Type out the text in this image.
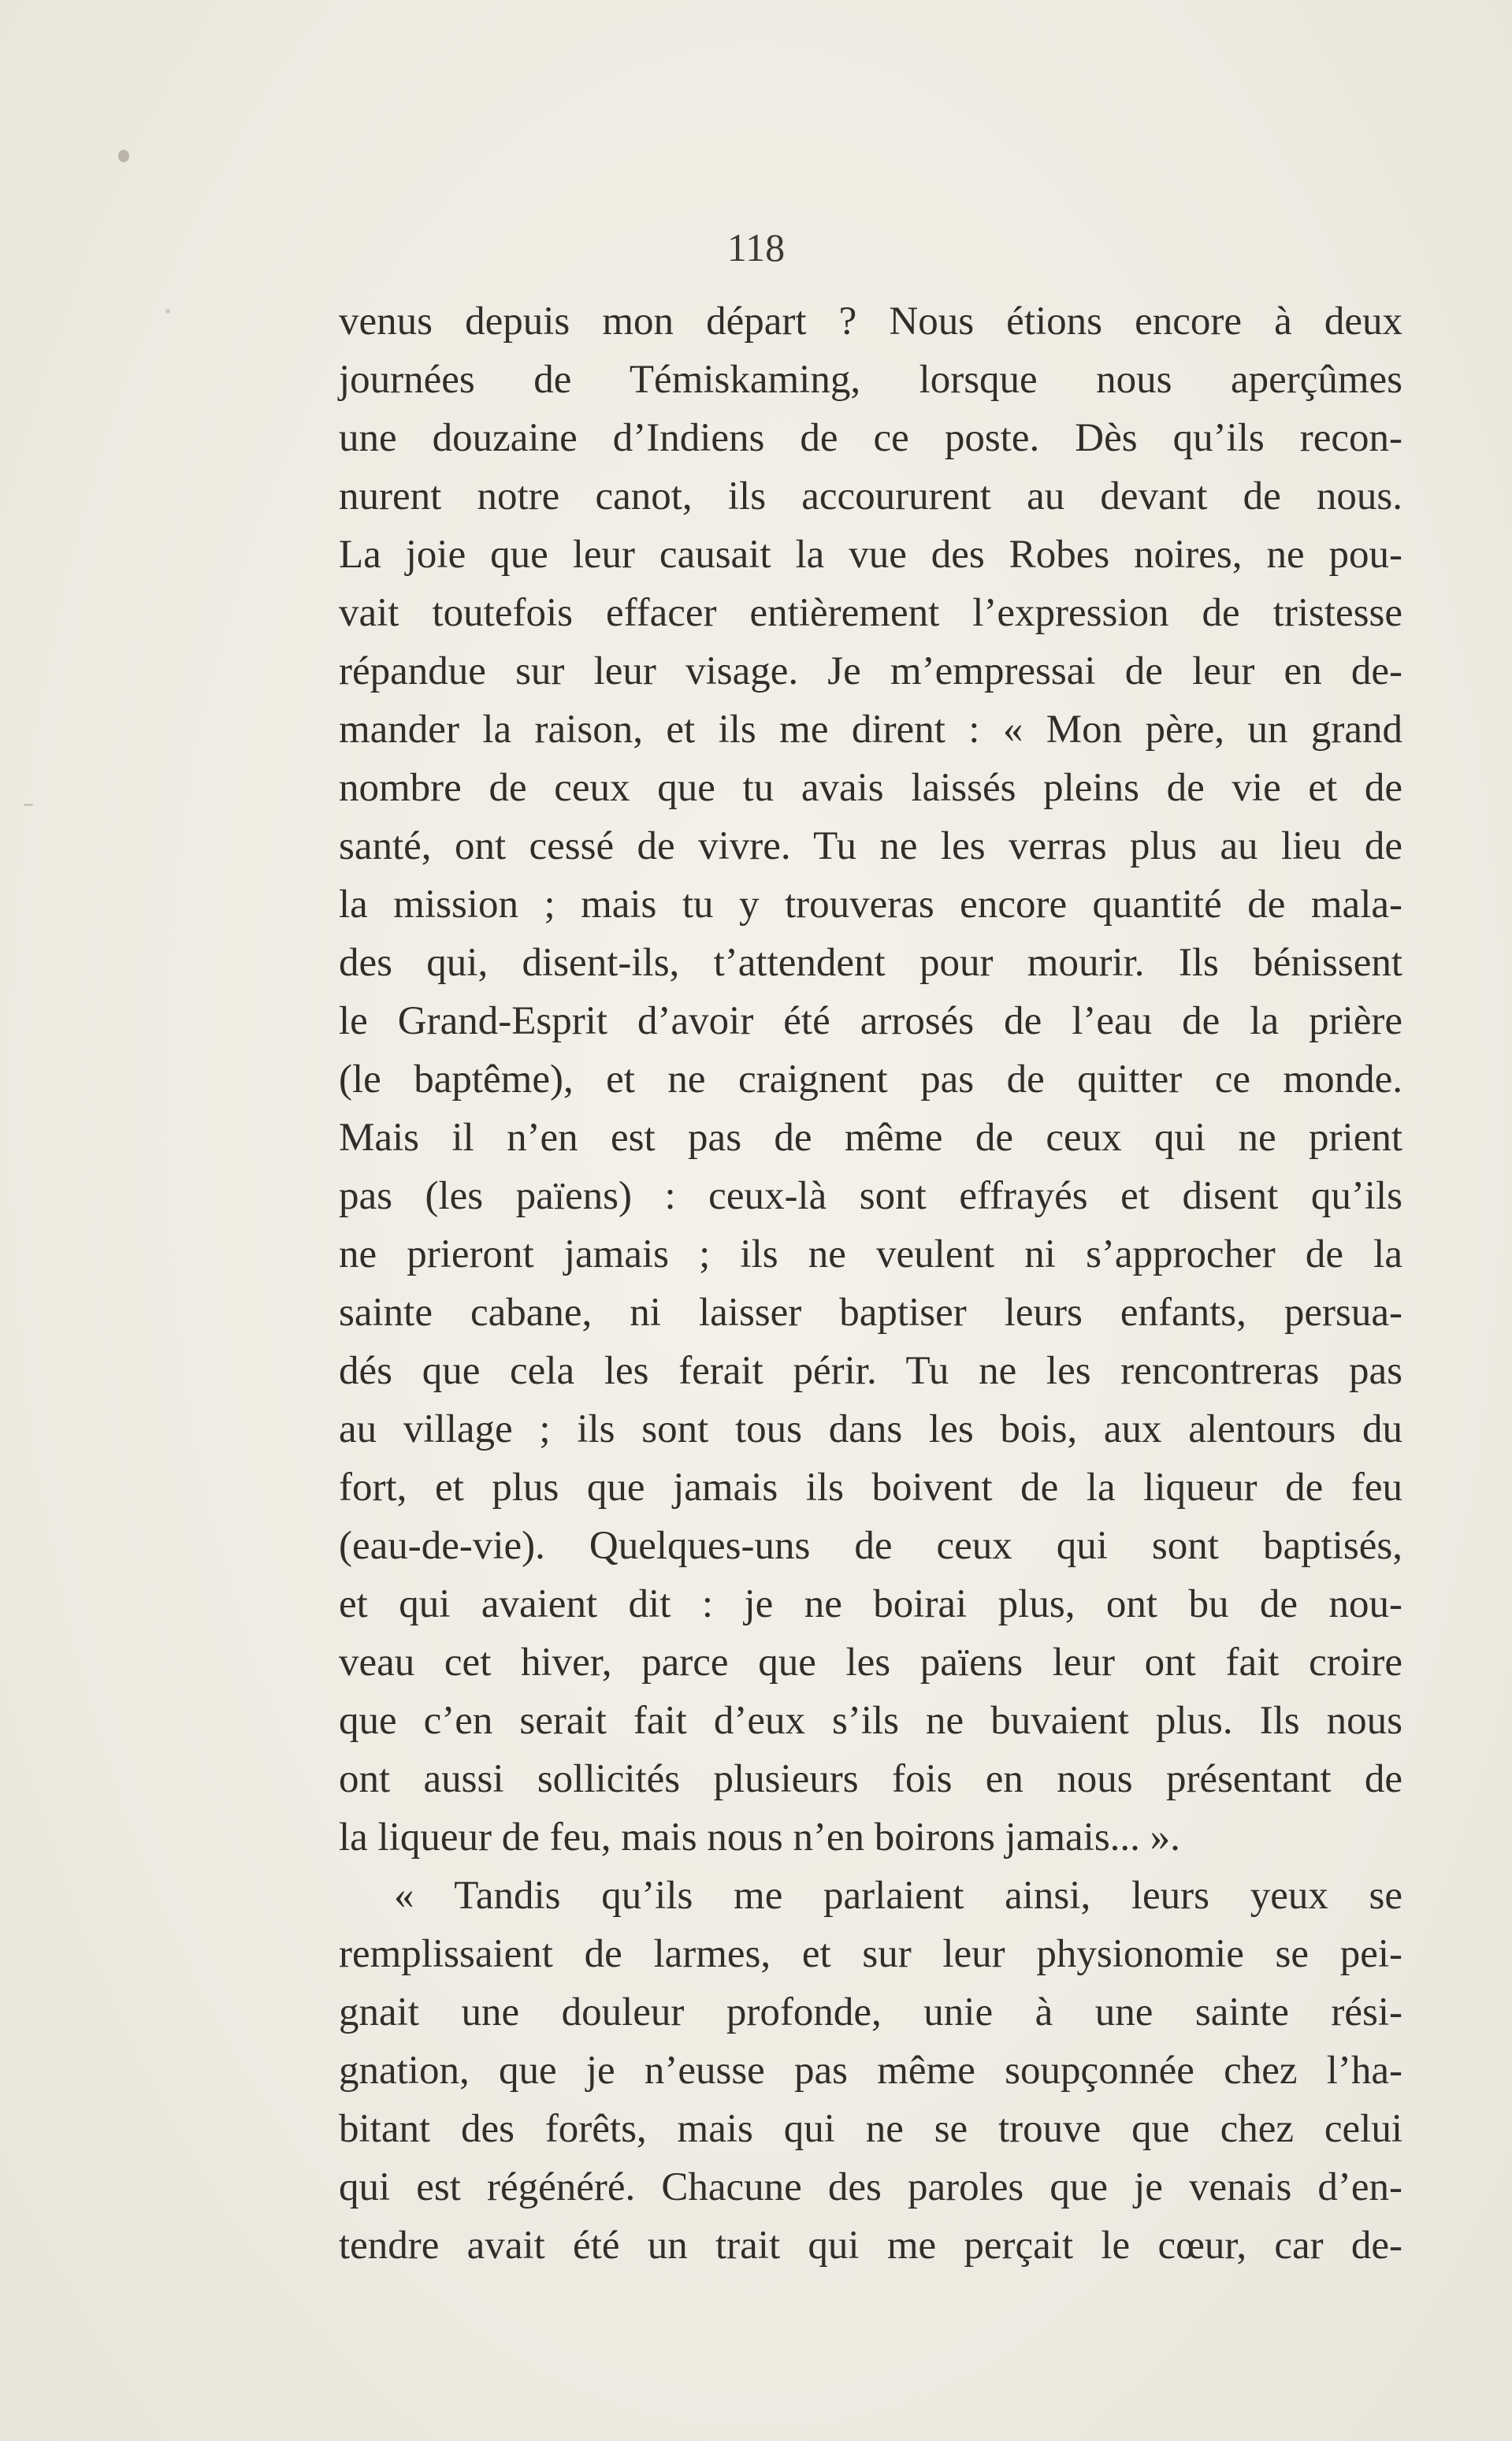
118
venus depuis mon départ ? Nous étions encore à deux
journées de Témiskaming, lorsque nous aperçûmes
une douzaine d’Indiens de ce poste. Dès qu’ils recon-
nurent notre canot, ils accoururent au devant de nous.
La joie que leur causait la vue des Robes noires, ne pou-
vait toutefois effacer entièrement l’expression de tristesse
répandue sur leur visage. Je m’empressai de leur en de-
mander la raison, et ils me dirent : « Mon père, un grand
nombre de ceux que tu avais laissés pleins de vie et de
santé, ont cessé de vivre. Tu ne les verras plus au lieu de
la mission ; mais tu y trouveras encore quantité de mala-
des qui, disent-ils, t’attendent pour mourir. Ils bénissent
le Grand-Esprit d’avoir été arrosés de l’eau de la prière
(le baptême), et ne craignent pas de quitter ce monde.
Mais il n’en est pas de même de ceux qui ne prient
pas (les païens) : ceux-là sont effrayés et disent qu’ils
ne prieront jamais ; ils ne veulent ni s’approcher de la
sainte cabane, ni laisser baptiser leurs enfants, persua-
dés que cela les ferait périr. Tu ne les rencontreras pas
au village ; ils sont tous dans les bois, aux alentours du
fort, et plus que jamais ils boivent de la liqueur de feu
(eau-de-vie). Quelques-uns de ceux qui sont baptisés,
et qui avaient dit : je ne boirai plus, ont bu de nou-
veau cet hiver, parce que les païens leur ont fait croire
que c’en serait fait d’eux s’ils ne buvaient plus. Ils nous
ont aussi sollicités plusieurs fois en nous présentant de
la liqueur de feu, mais nous n’en boirons jamais... ».
« Tandis qu’ils me parlaient ainsi, leurs yeux se
remplissaient de larmes, et sur leur physionomie se pei-
gnait une douleur profonde, unie à une sainte rési-
gnation, que je n’eusse pas même soupçonnée chez l’ha-
bitant des forêts, mais qui ne se trouve que chez celui
qui est régénéré. Chacune des paroles que je venais d’en-
tendre avait été un trait qui me perçait le cœur, car de-
